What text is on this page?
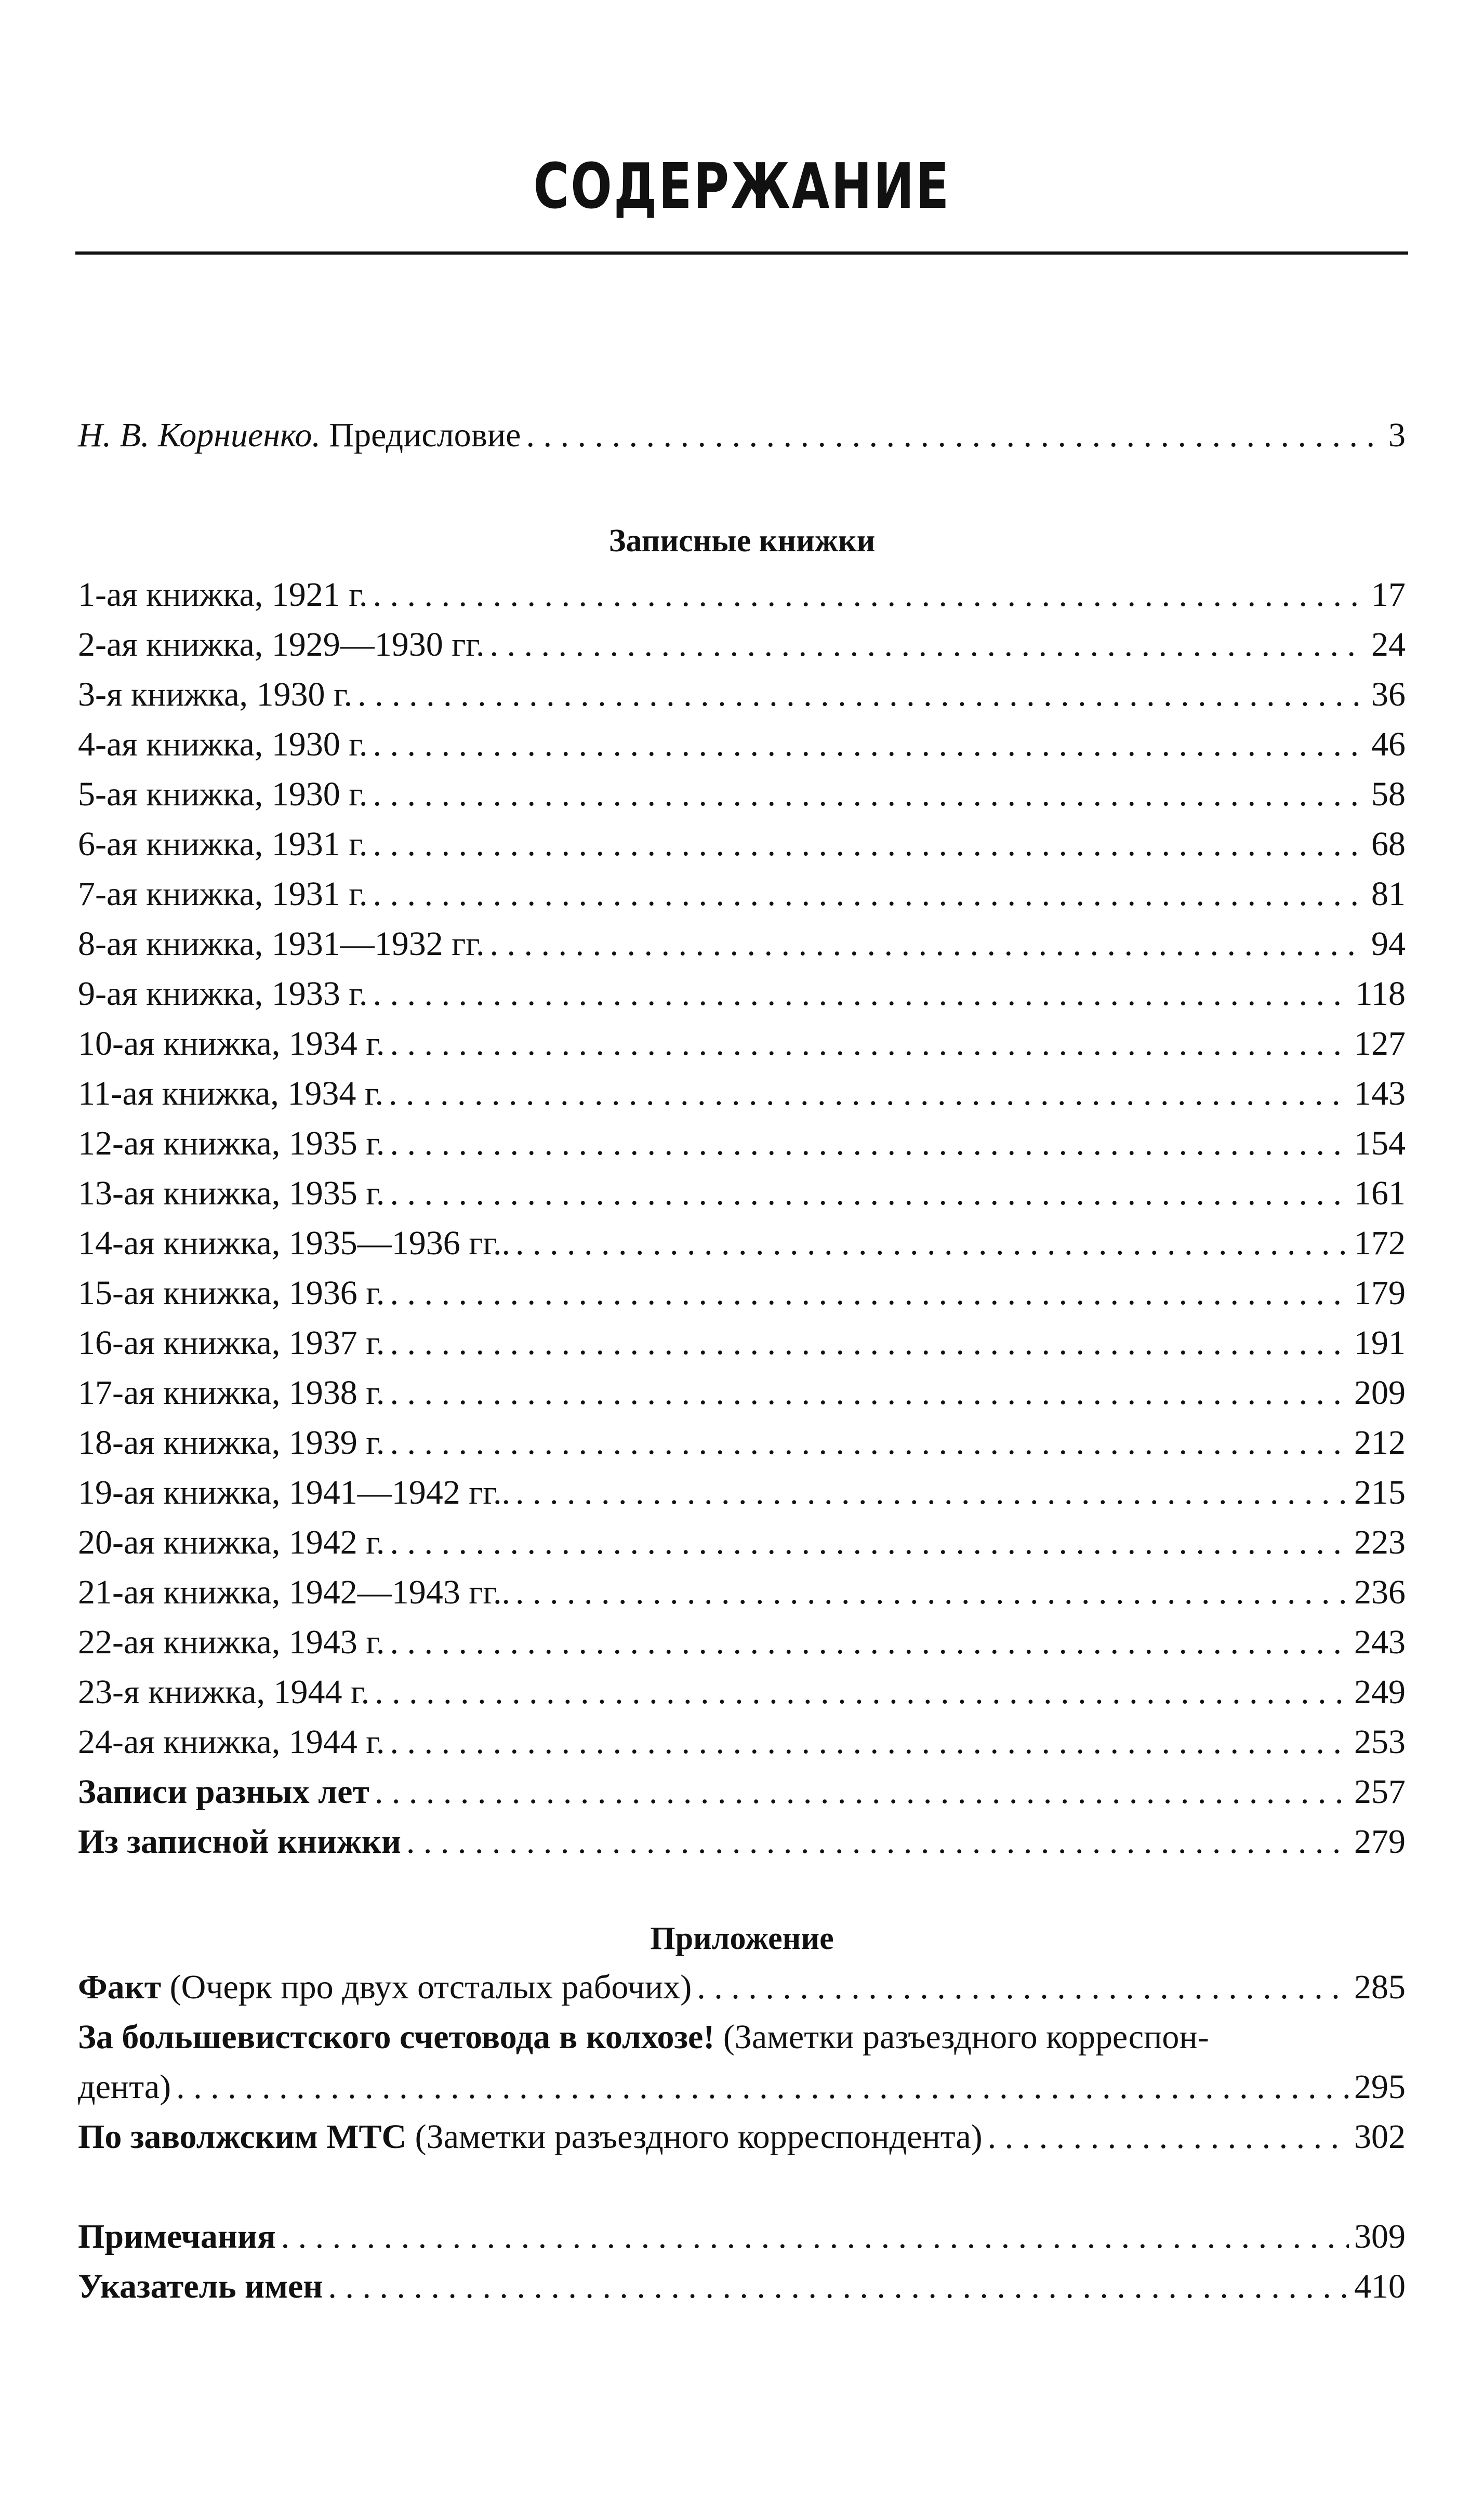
СОДЕРЖАНИЕ
Н. В. Корниенко. Предисловие . . .	3
Записные книжки
1-ая книжка, 1921 г. . . .	17
2-ая книжка, 1929—1930 гг. . . .	24
3-я книжка, 1930 г. . . .	36
4-ая книжка, 1930 г. . . .	46
5-ая книжка, 1930 г. . . .	58
6-ая книжка, 1931 г. . . .	68
7-ая книжка, 1931 г. . . .	81
8-ая книжка, 1931—1932 гг. . . .	94
9-ая книжка, 1933 г. . . .	118
10-ая книжка, 1934 г. . . .	127
11-ая книжка, 1934 г. . . .	143
12-ая книжка, 1935 г. . . .	154
13-ая книжка, 1935 г. . . .	161
14-ая книжка, 1935—1936 гг.. . . .	172
15-ая книжка, 1936 г. . . .	179
16-ая книжка, 1937 г. . . .	191
17-ая книжка, 1938 г. . . .	209
18-ая книжка, 1939 г. . . .	212
19-ая книжка, 1941—1942 гг.. . . .	215
20-ая книжка, 1942 г. . . .	223
21-ая книжка, 1942—1943 гг.. . . .	236
22-ая книжка, 1943 г. . . .	243
23-я книжка, 1944 г. . . .	249
24-ая книжка, 1944 г. . . .	253
Записи разных лет . . .	257
Из записной книжки . . .	279
Приложение
Факт (Очерк про двух отсталых рабочих) . . .	285
За большевистского счетовода в колхозе! (Заметки разъездного корреспон-
дента) . . .	295
По заволжским МТС (Заметки разъездного корреспондента) . . .	302
Примечания . . .	309
Указатель имен . . .	410
